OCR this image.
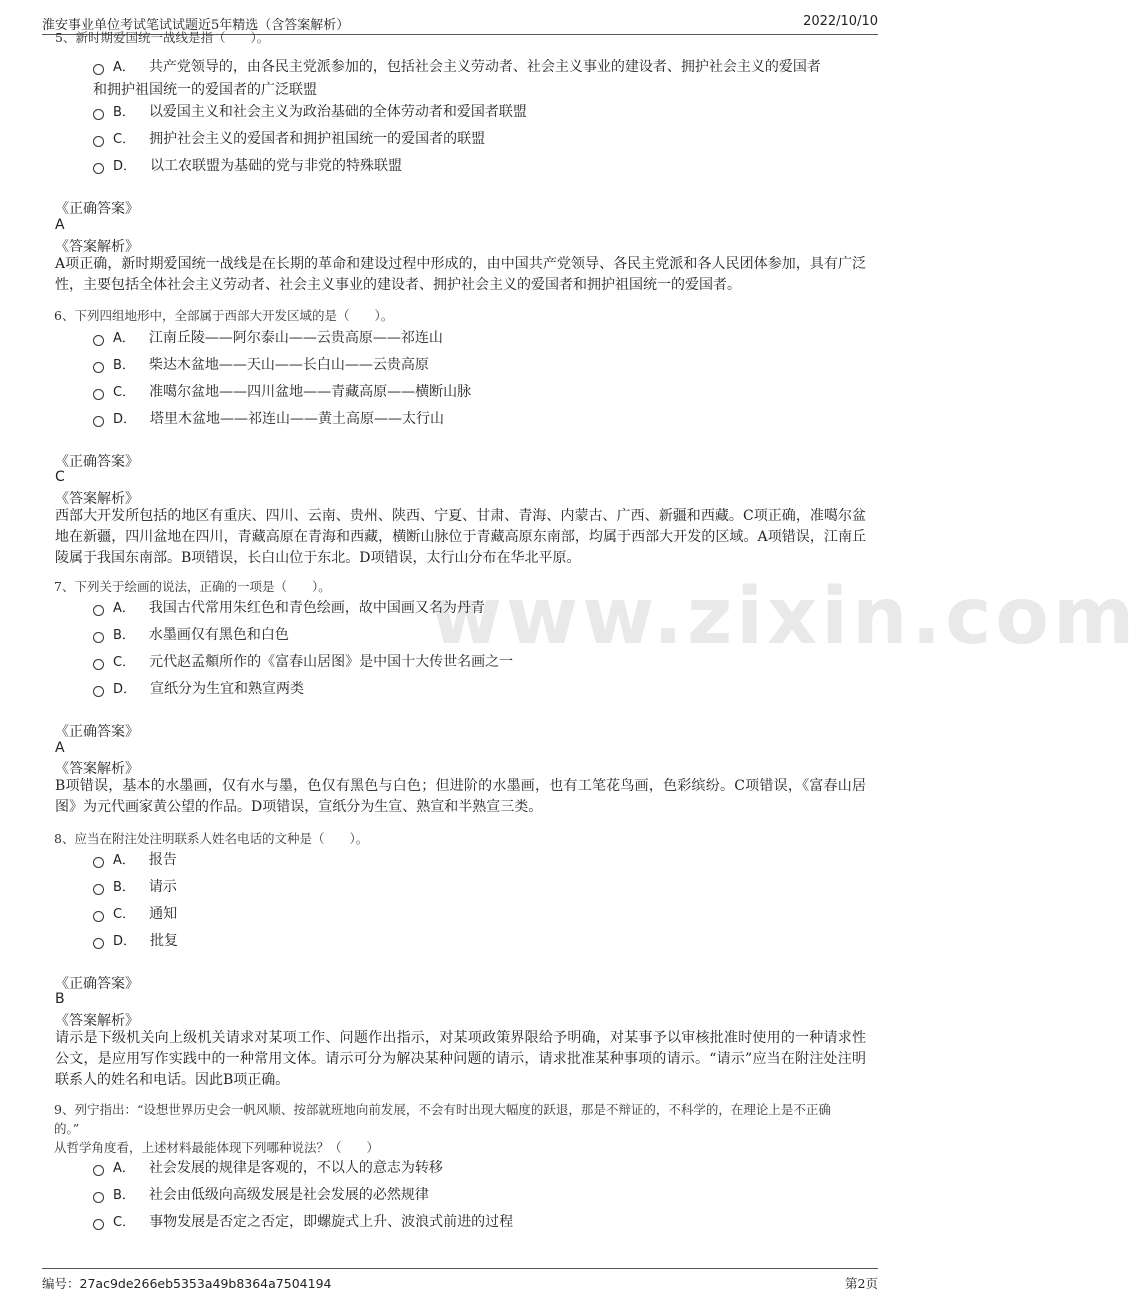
淮安事业单位考试笔试试题近5年精选（含答案解析）	2022/10/10
www.zixin.com
5、新时期爱国统一战线是指（　　）。
A． 共产党领导的，由各民主党派参加的，包括社会主义劳动者、社会主义事业的建设者、拥护社会主义的爱国者
和拥护祖国统一的爱国者的广泛联盟
B． 以爱国主义和社会主义为政治基础的全体劳动者和爱国者联盟
C． 拥护社会主义的爱国者和拥护祖国统一的爱国者的联盟
D． 以工农联盟为基础的党与非党的特殊联盟
《正确答案》
A
《答案解析》
A项正确，新时期爱国统一战线是在长期的革命和建设过程中形成的，由中国共产党领导、各民主党派和各人民团体参加，具有广泛性，主要包括全体社会主义劳动者、社会主义事业的建设者、拥护社会主义的爱国者和拥护祖国统一的爱国者。
6、下列四组地形中，全部属于西部大开发区域的是（　　）。
A． 江南丘陵——阿尔泰山——云贵高原——祁连山
B． 柴达木盆地——天山——长白山——云贵高原
C． 准噶尔盆地——四川盆地——青藏高原——横断山脉
D． 塔里木盆地——祁连山——黄土高原——太行山
《正确答案》
C
《答案解析》
西部大开发所包括的地区有重庆、四川、云南、贵州、陕西、宁夏、甘肃、青海、内蒙古、广西、新疆和西藏。C项正确，准噶尔盆地在新疆，四川盆地在四川，青藏高原在青海和西藏，横断山脉位于青藏高原东南部，均属于西部大开发的区域。A项错误，江南丘陵属于我国东南部。B项错误，长白山位于东北。D项错误，太行山分布在华北平原。
7、下列关于绘画的说法，正确的一项是（　　）。
A． 我国古代常用朱红色和青色绘画，故中国画又名为丹青
B． 水墨画仅有黑色和白色
C． 元代赵孟頫所作的《富春山居图》是中国十大传世名画之一
D． 宣纸分为生宜和熟宣两类
《正确答案》
A
《答案解析》
B项错误，基本的水墨画，仅有水与墨，色仅有黑色与白色；但进阶的水墨画，也有工笔花鸟画，色彩缤纷。C项错误，《富春山居图》为元代画家黄公望的作品。D项错误，宣纸分为生宣、熟宣和半熟宣三类。
8、应当在附注处注明联系人姓名电话的文种是（　　）。
A． 报告
B． 请示
C． 通知
D． 批复
《正确答案》
B
《答案解析》
请示是下级机关向上级机关请求对某项工作、问题作出指示，对某项政策界限给予明确，对某事予以审核批准时使用的一种请求性公文，是应用写作实践中的一种常用文体。请示可分为解决某种问题的请示，请求批准某种事项的请示。“请示”应当在附注处注明联系人的姓名和电话。因此B项正确。
9、列宁指出：“设想世界历史会一帆风顺、按部就班地向前发展，不会有时出现大幅度的跃退，那是不辩证的，不科学的，在理论上是不正确
的。”
从哲学角度看，上述材料最能体现下列哪种说法？（　　）
A． 社会发展的规律是客观的，不以人的意志为转移
B． 社会由低级向高级发展是社会发展的必然规律
C． 事物发展是否定之否定，即螺旋式上升、波浪式前进的过程
编号：27ac9de266eb5353a49b8364a7504194	第2页
